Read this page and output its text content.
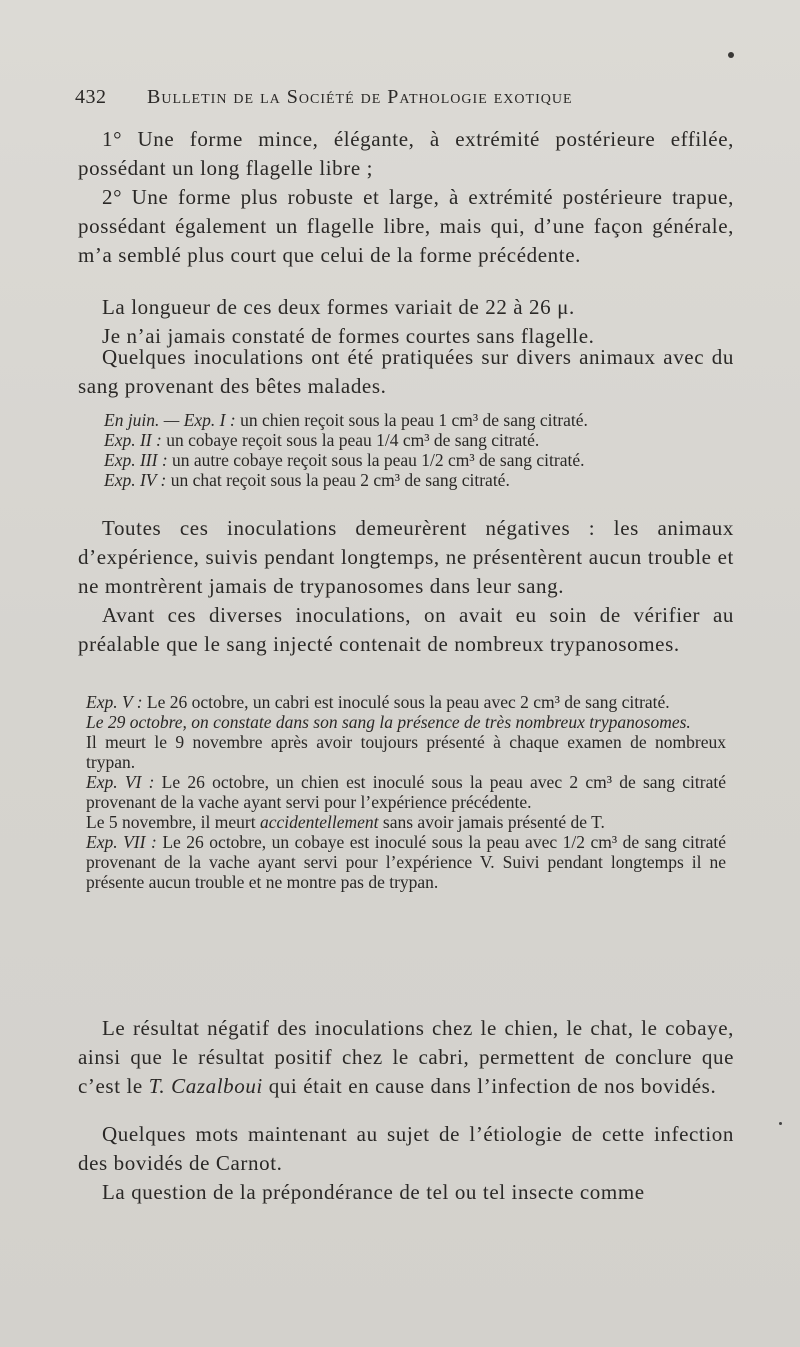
432 Bulletin de la Société de Pathologie exotique
1° Une forme mince, élégante, à extrémité postérieure effilée, possédant un long flagelle libre ;
2° Une forme plus robuste et large, à extrémité postérieure trapue, possédant également un flagelle libre, mais qui, d’une façon générale, m’a semblé plus court que celui de la forme précédente.
La longueur de ces deux formes variait de 22 à 26 μ.
Je n’ai jamais constaté de formes courtes sans flagelle.
Quelques inoculations ont été pratiquées sur divers animaux avec du sang provenant des bêtes malades.
En juin. — Exp. I : un chien reçoit sous la peau 1 cm³ de sang citraté.
Exp. II : un cobaye reçoit sous la peau 1/4 cm³ de sang citraté.
Exp. III : un autre cobaye reçoit sous la peau 1/2 cm³ de sang citraté.
Exp. IV : un chat reçoit sous la peau 2 cm³ de sang citraté.
Toutes ces inoculations demeurèrent négatives : les animaux d’expérience, suivis pendant longtemps, ne présentèrent aucun trouble et ne montrèrent jamais de trypanosomes dans leur sang.
Avant ces diverses inoculations, on avait eu soin de vérifier au préalable que le sang injecté contenait de nombreux trypanosomes.
Exp. V : Le 26 octobre, un cabri est inoculé sous la peau avec 2 cm³ de sang citraté.
Le 29 octobre, on constate dans son sang la présence de très nombreux trypanosomes.
Il meurt le 9 novembre après avoir toujours présenté à chaque examen de nombreux trypan.
Exp. VI : Le 26 octobre, un chien est inoculé sous la peau avec 2 cm³ de sang citraté provenant de la vache ayant servi pour l’expérience précédente.
Le 5 novembre, il meurt accidentellement sans avoir jamais présenté de T.
Exp. VII : Le 26 octobre, un cobaye est inoculé sous la peau avec 1/2 cm³ de sang citraté provenant de la vache ayant servi pour l’expérience V. Suivi pendant longtemps il ne présente aucun trouble et ne montre pas de trypan.
Le résultat négatif des inoculations chez le chien, le chat, le cobaye, ainsi que le résultat positif chez le cabri, permettent de conclure que c’est le T. Cazalboui qui était en cause dans l’infection de nos bovidés.
Quelques mots maintenant au sujet de l’étiologie de cette infection des bovidés de Carnot.
La question de la prépondérance de tel ou tel insecte comme
